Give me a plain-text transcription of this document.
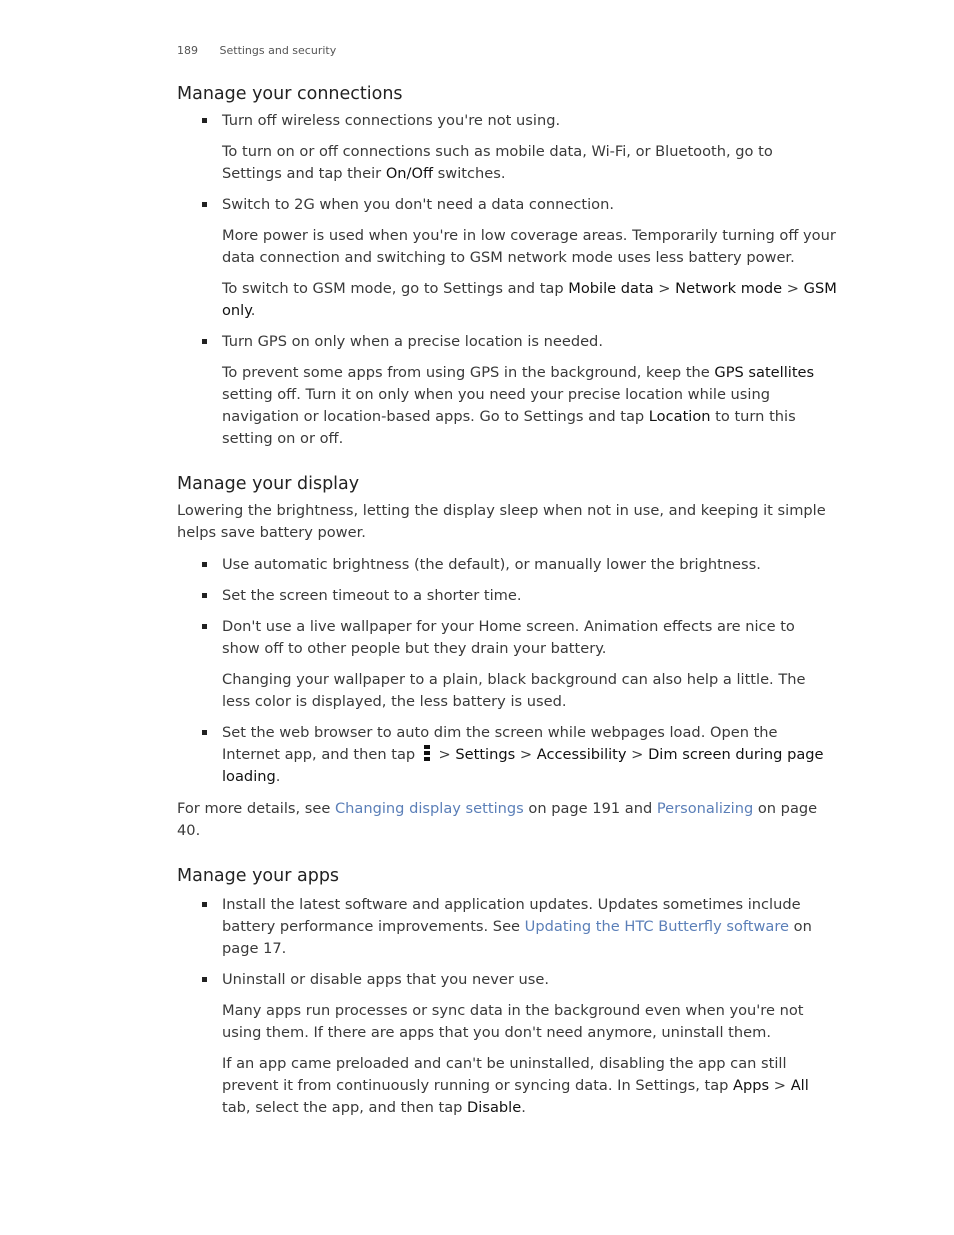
189 Settings and security
Manage your connections
Turn off wireless connections you're not using.

To turn on or off connections such as mobile data, Wi-Fi, or Bluetooth, go to Settings and tap their On/Off switches.

Switch to 2G when you don't need a data connection.

More power is used when you're in low coverage areas. Temporarily turning off your data connection and switching to GSM network mode uses less battery power.

To switch to GSM mode, go to Settings and tap Mobile data > Network mode > GSM only.

Turn GPS on only when a precise location is needed.

To prevent some apps from using GPS in the background, keep the GPS satellites setting off. Turn it on only when you need your precise location while using navigation or location-based apps. Go to Settings and tap Location to turn this setting on or off.

Manage your display

Lowering the brightness, letting the display sleep when not in use, and keeping it simple helps save battery power.

Use automatic brightness (the default), or manually lower the brightness.
Set the screen timeout to a shorter time.
Don't use a live wallpaper for your Home screen. Animation effects are nice to show off to other people but they drain your battery.

Changing your wallpaper to a plain, black background can also help a little. The less color is displayed, the less battery is used.

Set the web browser to auto dim the screen while webpages load. Open the Internet app, and then tap
> Settings > Accessibility > Dim screen during page loading.

For more details, see Changing display settings on page 191 and Personalizing on page 40.

Manage your apps
Install the latest software and application updates. Updates sometimes include battery performance improvements. See Updating the HTC Butterfly software on page 17.
Uninstall or disable apps that you never use.

Many apps run processes or sync data in the background even when you're not using them. If there are apps that you don't need anymore, uninstall them.

If an app came preloaded and can't be uninstalled, disabling the app can still prevent it from continuously running or syncing data. In Settings, tap Apps > All tab, select the app, and then tap Disable.
